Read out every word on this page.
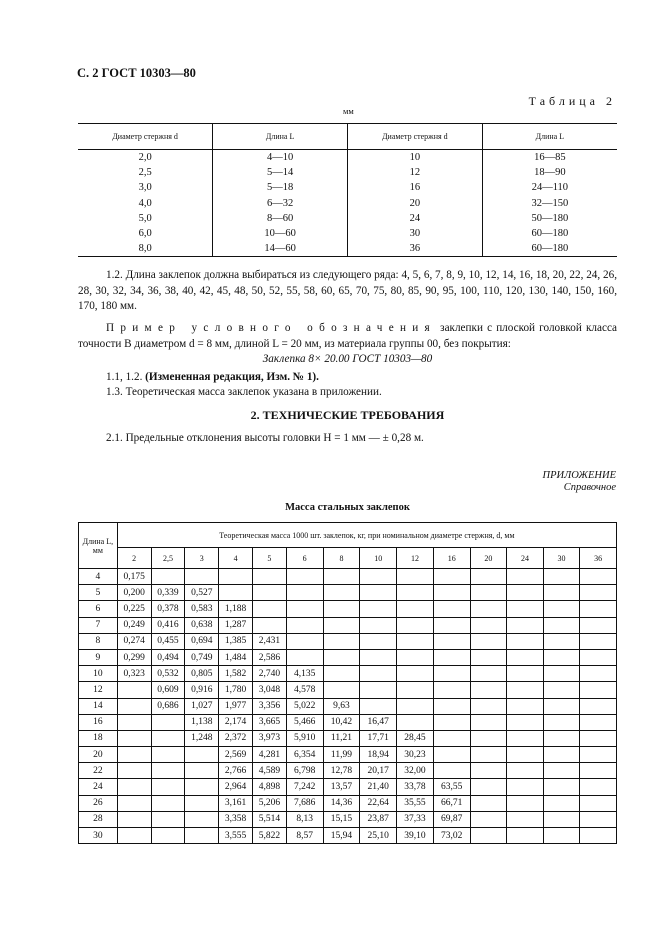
С. 2 ГОСТ 10303—80
Таблица 2
мм
Диаметр стержня d	Длина L	Диаметр стержня d	Длина L
2,0	4—10	10	16—85
2,5	5—14	12	18—90
3,0	5—18	16	24—110
4,0	6—32	20	32—150
5,0	8—60	24	50—180
6,0	10—60	30	60—180
8,0	14—60	36	60—180
1.2. Длина заклепок должна выбираться из следующего ряда: 4, 5, 6, 7, 8, 9, 10, 12, 14, 16, 18, 20, 22, 24, 26, 28, 30, 32, 34, 36, 38, 40, 42, 45, 48, 50, 52, 55, 58, 60, 65, 70, 75, 80, 85, 90, 95, 100, 110, 120, 130, 140, 150, 160, 170, 180 мм.
Пример условного обозначения заклепки с плоской головкой класса точности В диаметром d = 8 мм, длиной L = 20 мм, из материала группы 00, без покрытия:
Заклепка 8× 20.00 ГОСТ 10303—80
1.1, 1.2. (Измененная редакция, Изм. № 1).
1.3. Теоретическая масса заклепок указана в приложении.
2. ТЕХНИЧЕСКИЕ ТРЕБОВАНИЯ
2.1. Предельные отклонения высоты головки H = 1 мм — ± 0,28 м.
ПРИЛОЖЕНИЕ
Справочное
Масса стальных заклепок
Длина L, мм	Теоретическая масса 1000 шт. заклепок, кг, при номинальном диаметре стержня, d, мм													
	2	2,5	3	4	5	6	8	10	12	16	20	24	30	36
4	0,175													
5	0,200	0,339	0,527											
6	0,225	0,378	0,583	1,188										
7	0,249	0,416	0,638	1,287										
8	0,274	0,455	0,694	1,385	2,431									
9	0,299	0,494	0,749	1,484	2,586									
10	0,323	0,532	0,805	1,582	2,740	4,135								
12		0,609	0,916	1,780	3,048	4,578								
14		0,686	1,027	1,977	3,356	5,022	9,63							
16			1,138	2,174	3,665	5,466	10,42	16,47						
18			1,248	2,372	3,973	5,910	11,21	17,71	28,45					
20				2,569	4,281	6,354	11,99	18,94	30,23					
22				2,766	4,589	6,798	12,78	20,17	32,00					
24				2,964	4,898	7,242	13,57	21,40	33,78	63,55				
26				3,161	5,206	7,686	14,36	22,64	35,55	66,71				
28				3,358	5,514	8,13	15,15	23,87	37,33	69,87				
30				3,555	5,822	8,57	15,94	25,10	39,10	73,02				
